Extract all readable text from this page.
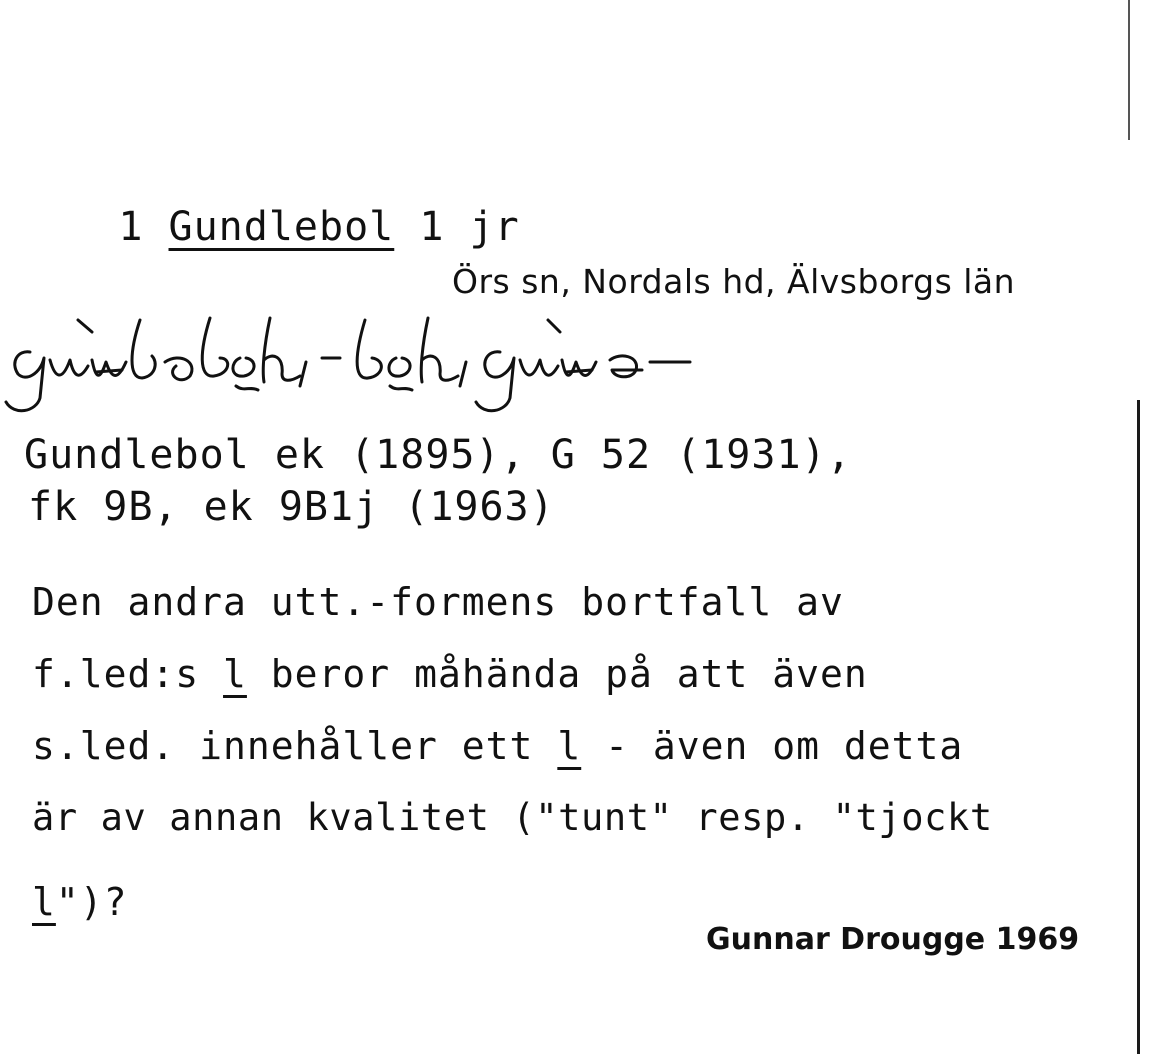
1 Gundlebol 1 jr

Örs sn, Nordals hd, Älvsborgs län
Gundlebol ek (1895), G 52 (1931),
fk 9B, ek 9B1j (1963)
Den andra utt.-formens bortfall av
f.led:s l beror måhända på att även
s.led. innehåller ett l - även om detta
är av annan kvalitet ("tunt" resp. "tjockt
l")?
Gunnar Drougge 1969
